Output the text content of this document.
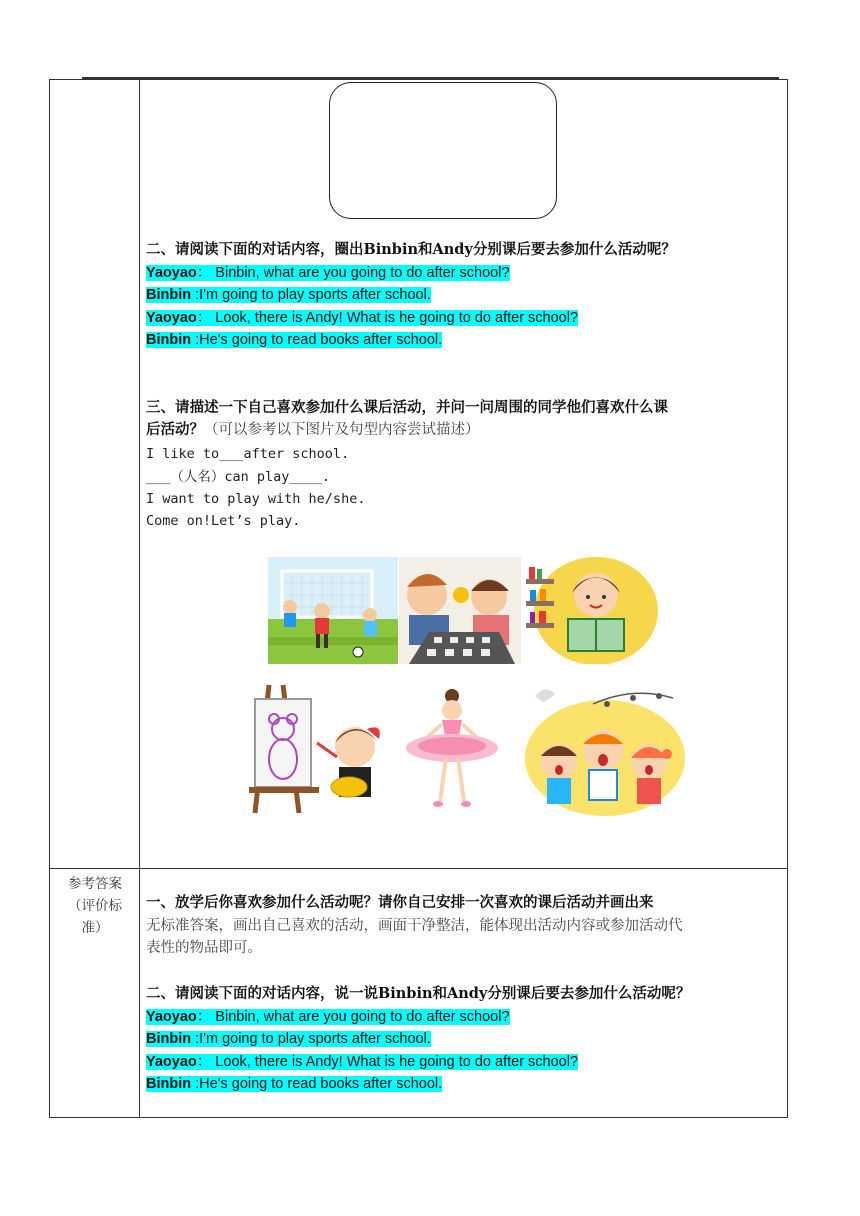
二、请阅读下面的对话内容，圈出Binbin和Andy分别课后要去参加什么活动呢？
Yaoyao： Binbin, what are you going to do after school?
Binbin :I'm going to play sports after school.
Yaoyao： Look, there is Andy! What is he going to do after school?
Binbin :He's going to read books after school.
三、请描述一下自己喜欢参加什么课后活动，并问一问周围的同学他们喜欢什么课
后活动？（可以参考以下图片及句型内容尝试描述）
I like to___after school.
___（人名）can play____.
I want to play with he/she.
Come on!Let’s play.
参考答案
（评价标
准）
一、放学后你喜欢参加什么活动呢？请你自己安排一次喜欢的课后活动并画出来
无标准答案，画出自己喜欢的活动，画面干净整洁，能体现出活动内容或参加活动代
表性的物品即可。
二、请阅读下面的对话内容，说一说Binbin和Andy分别课后要去参加什么活动呢？
Yaoyao： Binbin, what are you going to do after school?
Binbin :I'm going to play sports after school.
Yaoyao： Look, there is Andy! What is he going to do after school?
Binbin :He's going to read books after school.
